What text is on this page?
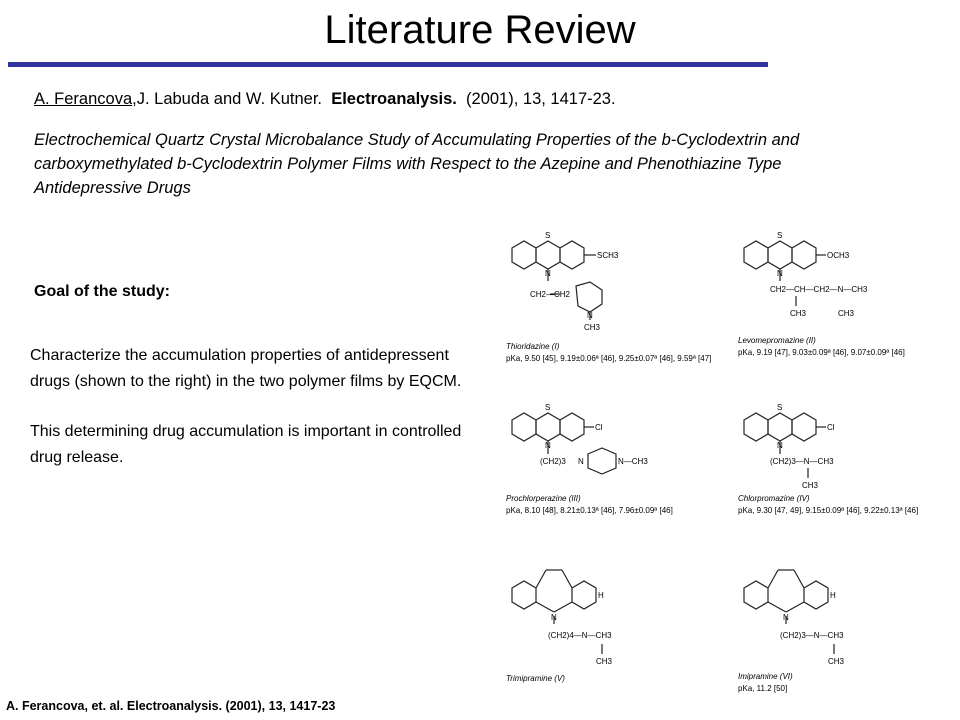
Literature Review
A. Ferancova,J. Labuda and W. Kutner. Electroanalysis. (2001), 13, 1417-23.
Electrochemical Quartz Crystal Microbalance Study of Accumulating Properties of the b-Cyclodextrin and carboxymethylated b-Cyclodextrin Polymer Films with Respect to the Azepine and Phenothiazine Type Antidepressive Drugs
Goal of the study:

Characterize the accumulation properties of antidepressent drugs (shown to the right) in the two polymer films by EQCM.

This determining drug accumulation is important in controlled drug release.

S
N
SCH3
CH2—CH2
N
CH3
Thioridazine (I)
pKa, 9.50 [45], 9.19±0.06ª [46], 9.25±0.07ª [46], 9.59ª [47]
S
N
OCH3
CH2—CH—CH2—N—CH3
CH3	CH3
Levomepromazine (II)
pKa, 9.19 [47], 9.03±0.09ª [46], 9.07±0.09ª [46]
S
N
Cl
(CH2)3 N	N—CH3
Prochlorperazine (III)
pKa, 8.10 [48], 8.21±0.13ª [46], 7.96±0.09ª [46]
S
N
Cl
(CH2)3—N—CH3
CH3
Chlorpromazine (IV)
pKa, 9.30 [47, 49], 9.15±0.09ª [46], 9.22±0.13ª [46]
H
N
(CH2)4—N—CH3
CH3
Trimipramine (V)
H
N
(CH2)3—N—CH3
CH3
Imipramine (VI)
pKa, 11.2 [50]
A. Ferancova, et. al. Electroanalysis. (2001), 13, 1417-23
